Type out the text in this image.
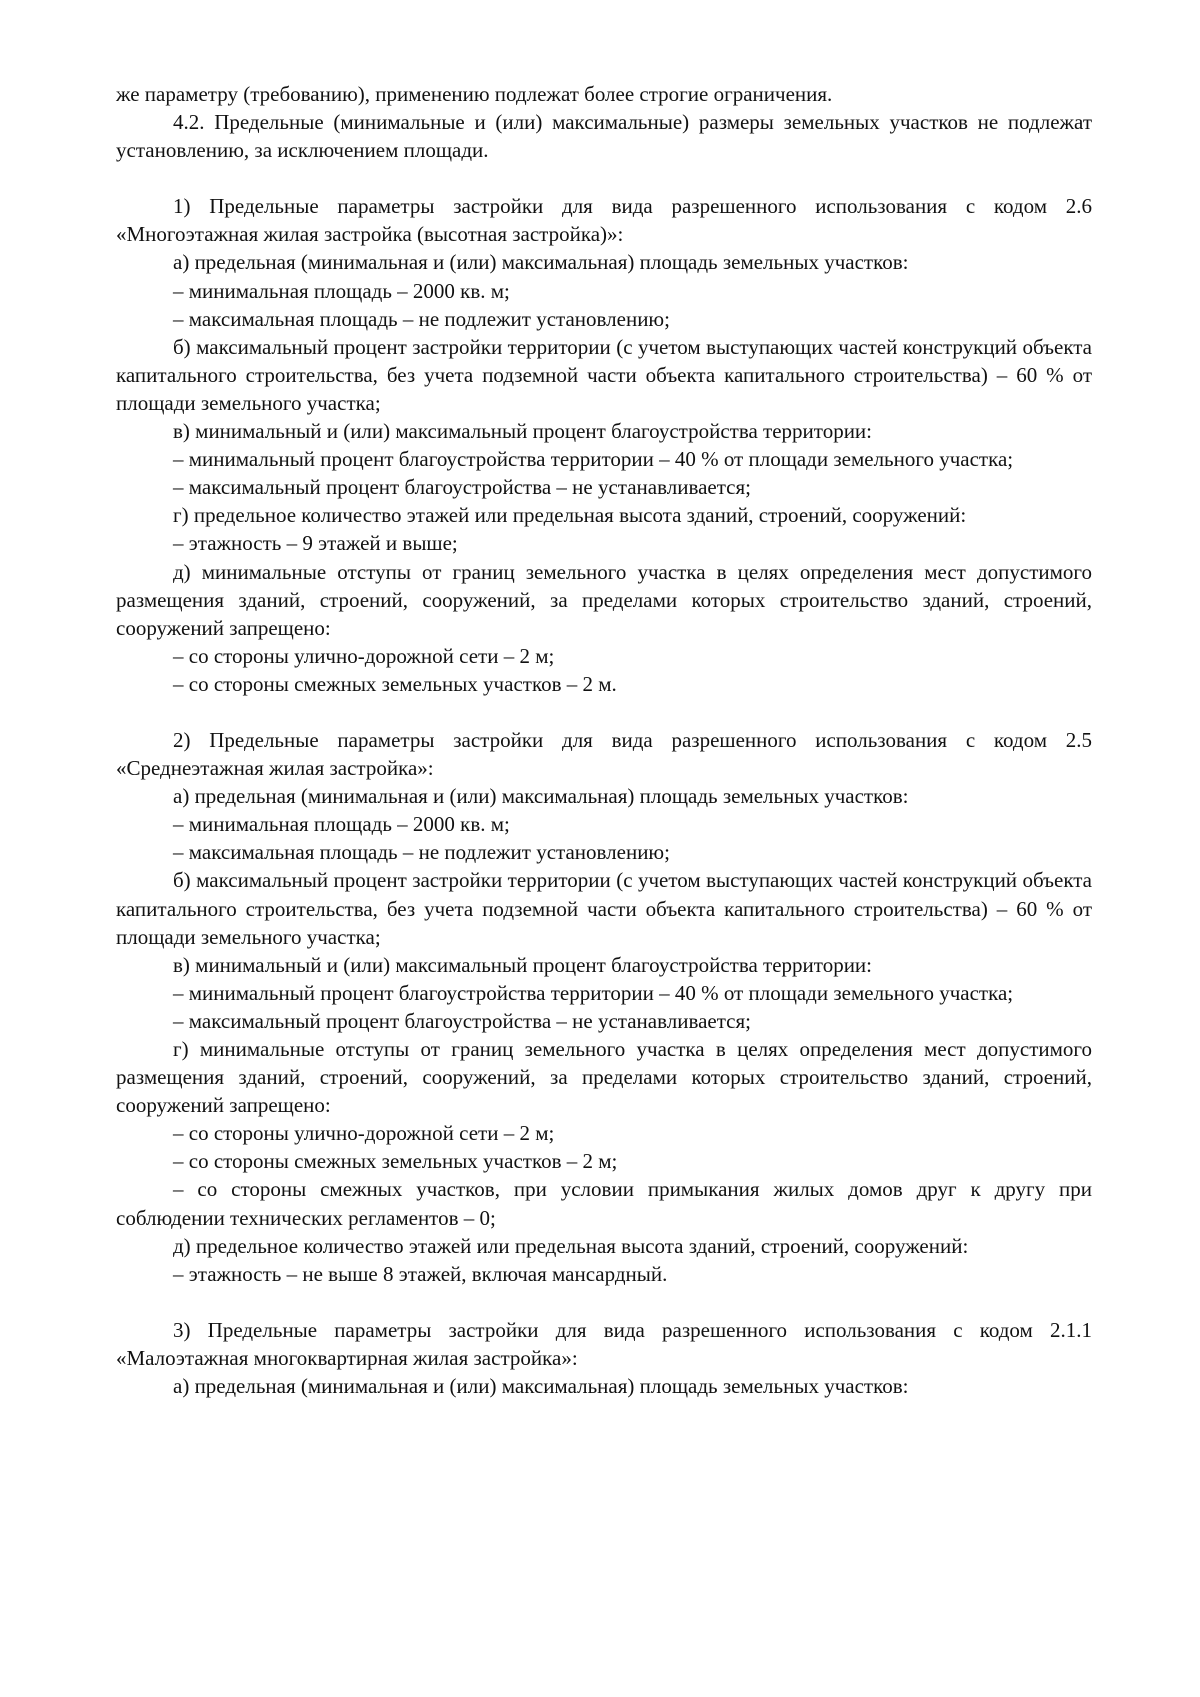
же параметру (требованию), применению подлежат более строгие ограничения.

4.2. Предельные (минимальные и (или) максимальные) размеры земельных участков не подлежат установлению, за исключением площади.

1) Предельные параметры застройки для вида разрешенного использования с кодом 2.6 «Многоэтажная жилая застройка (высотная застройка)»:

а) предельная (минимальная и (или) максимальная) площадь земельных участков:

– минимальная площадь – 2000 кв. м;

– максимальная площадь – не подлежит установлению;

б) максимальный процент застройки территории (с учетом выступающих частей конструкций объекта капитального строительства, без учета подземной части объекта капитального строительства) – 60 % от площади земельного участка;

в) минимальный и (или) максимальный процент благоустройства территории:

– минимальный процент благоустройства территории – 40 % от площади земельного участка;

– максимальный процент благоустройства – не устанавливается;

г) предельное количество этажей или предельная высота зданий, строений, сооружений:

– этажность – 9 этажей и выше;

д) минимальные отступы от границ земельного участка в целях определения мест допустимого размещения зданий, строений, сооружений, за пределами которых строительство зданий, строений, сооружений запрещено:

– со стороны улично-дорожной сети – 2 м;

– со стороны смежных земельных участков – 2 м.

2) Предельные параметры застройки для вида разрешенного использования с кодом 2.5 «Среднеэтажная жилая застройка»:

а) предельная (минимальная и (или) максимальная) площадь земельных участков:

– минимальная площадь – 2000 кв. м;

– максимальная площадь – не подлежит установлению;

б) максимальный процент застройки территории (с учетом выступающих частей конструкций объекта капитального строительства, без учета подземной части объекта капитального строительства) – 60 % от площади земельного участка;

в) минимальный и (или) максимальный процент благоустройства территории:

– минимальный процент благоустройства территории – 40 % от площади земельного участка;

– максимальный процент благоустройства – не устанавливается;

г) минимальные отступы от границ земельного участка в целях определения мест допустимого размещения зданий, строений, сооружений, за пределами которых строительство зданий, строений, сооружений запрещено:

– со стороны улично-дорожной сети – 2 м;

– со стороны смежных земельных участков – 2 м;

– со стороны смежных участков, при условии примыкания жилых домов друг к другу при соблюдении технических регламентов – 0;

д) предельное количество этажей или предельная высота зданий, строений, сооружений:

– этажность – не выше 8 этажей, включая мансардный.

3) Предельные параметры застройки для вида разрешенного использования с кодом 2.1.1 «Малоэтажная многоквартирная жилая застройка»:

а) предельная (минимальная и (или) максимальная) площадь земельных участков:
